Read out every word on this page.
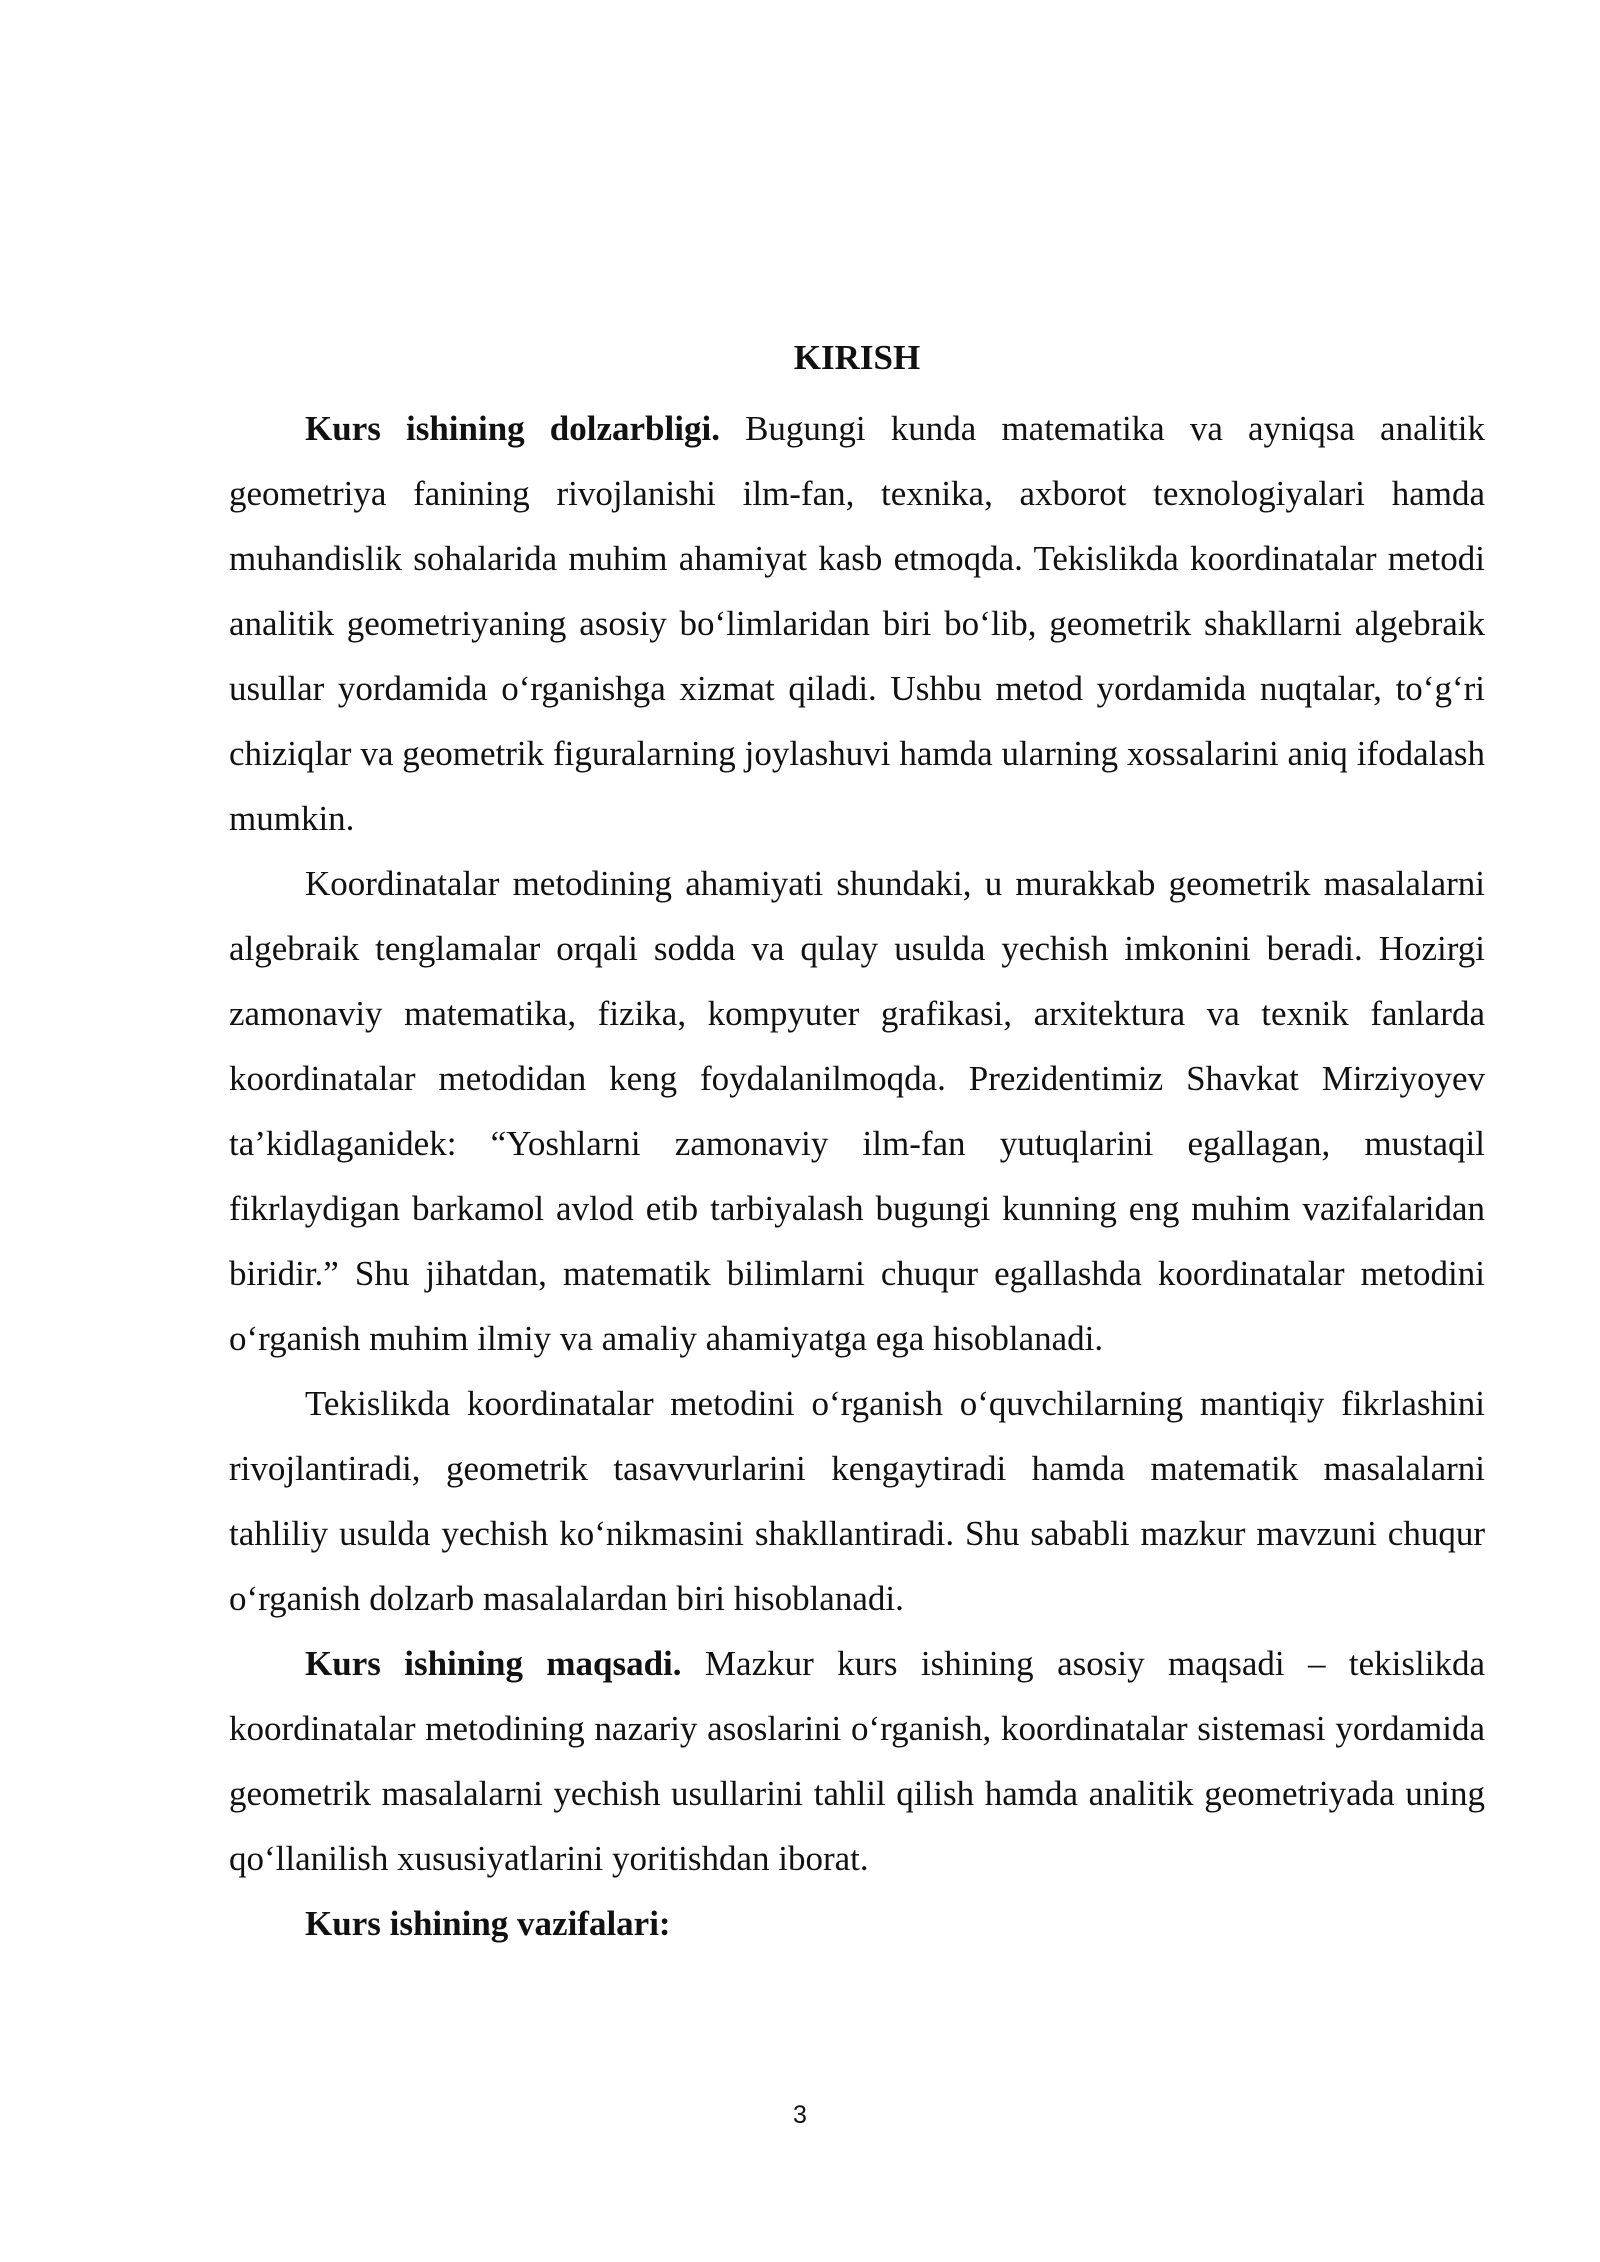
KIRISH

Kurs ishining dolzarbligi. Bugungi kunda matematika va ayniqsa analitik geometriya fanining rivojlanishi ilm-fan, texnika, axborot texnologiyalari hamda muhandislik sohalarida muhim ahamiyat kasb etmoqda. Tekislikda koordinatalar metodi analitik geometriyaning asosiy bo‘limlaridan biri bo‘lib, geometrik shakllarni algebraik usullar yordamida o‘rganishga xizmat qiladi. Ushbu metod yordamida nuqtalar, to‘g‘ri chiziqlar va geometrik figuralarning joylashuvi hamda ularning xossalarini aniq ifodalash mumkin.

Koordinatalar metodining ahamiyati shundaki, u murakkab geometrik masalalarni algebraik tenglamalar orqali sodda va qulay usulda yechish imkonini beradi. Hozirgi zamonaviy matematika, fizika, kompyuter grafikasi, arxitektura va texnik fanlarda koordinatalar metodidan keng foydalanilmoqda. Prezidentimiz Shavkat Mirziyoyev ta’kidlaganidek: “Yoshlarni zamonaviy ilm-fan yutuqlarini egallagan, mustaqil fikrlaydigan barkamol avlod etib tarbiyalash bugungi kunning eng muhim vazifalaridan biridir.” Shu jihatdan, matematik bilimlarni chuqur egallashda koordinatalar metodini o‘rganish muhim ilmiy va amaliy ahamiyatga ega hisoblanadi.

Tekislikda koordinatalar metodini o‘rganish o‘quvchilarning mantiqiy fikrlashini rivojlantiradi, geometrik tasavvurlarini kengaytiradi hamda matematik masalalarni tahliliy usulda yechish ko‘nikmasini shakllantiradi. Shu sababli mazkur mavzuni chuqur o‘rganish dolzarb masalalardan biri hisoblanadi.

Kurs ishining maqsadi. Mazkur kurs ishining asosiy maqsadi – tekislikda koordinatalar metodining nazariy asoslarini o‘rganish, koordinatalar sistemasi yordamida geometrik masalalarni yechish usullarini tahlil qilish hamda analitik geometriyada uning qo‘llanilish xususiyatlarini yoritishdan iborat.

Kurs ishining vazifalari:

3
